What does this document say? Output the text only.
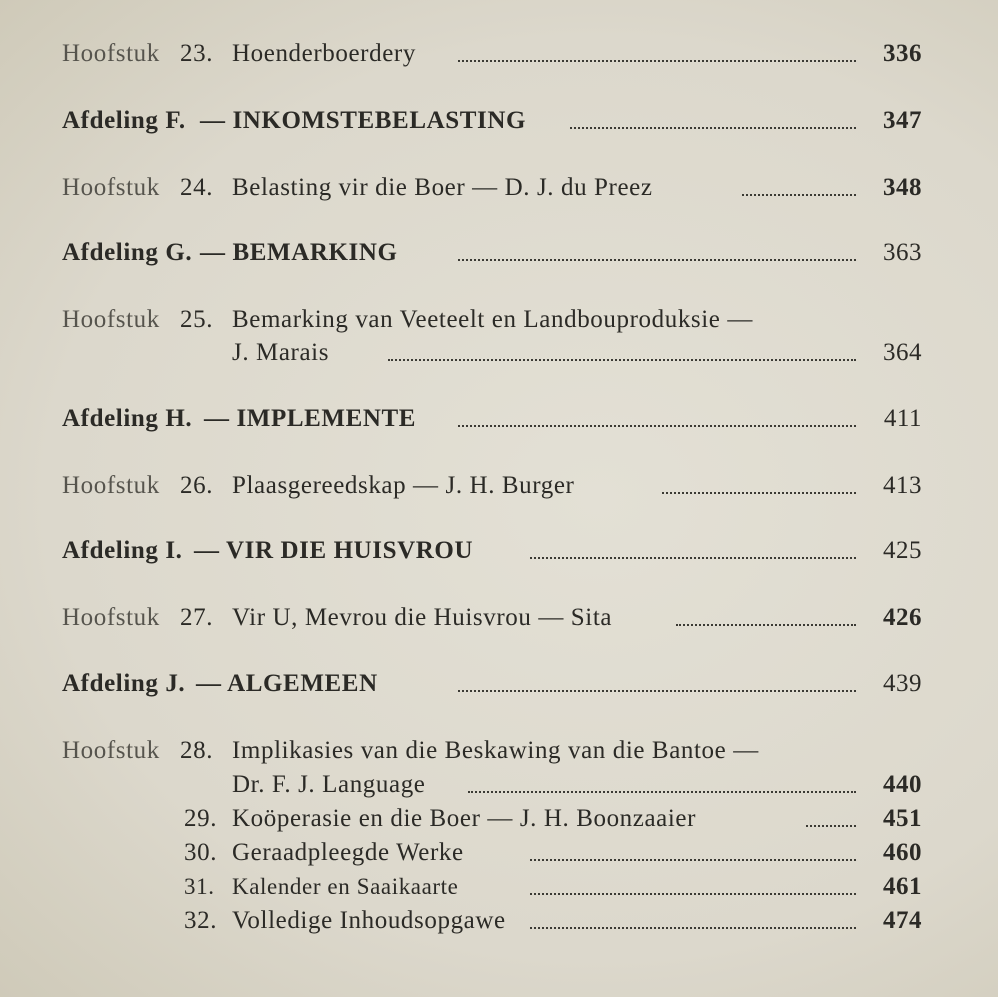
Hoofstuk 23. Hoenderboerdery	336
Afdeling F. — INKOMSTEBELASTING	347
Hoofstuk 24. Belasting vir die Boer — D. J. du Preez	348
Afdeling G. — BEMARKING	363
Hoofstuk 25. Bemarking van Veeteelt en Landbouproduksie —
J. Marais	364
Afdeling H. — IMPLEMENTE	411
Hoofstuk 26. Plaasgereedskap — J. H. Burger	413
Afdeling I. — VIR DIE HUISVROU	425
Hoofstuk 27. Vir U, Mevrou die Huisvrou — Sita	426
Afdeling J. — ALGEMEEN	439
Hoofstuk 28. Implikasies van die Beskawing van die Bantoe —
Dr. F. J. Language	440
29. Koöperasie en die Boer — J. H. Boonzaaier	451
30. Geraadpleegde Werke	460
31. Kalender en Saaikaarte	461
32. Volledige Inhoudsopgawe	474
